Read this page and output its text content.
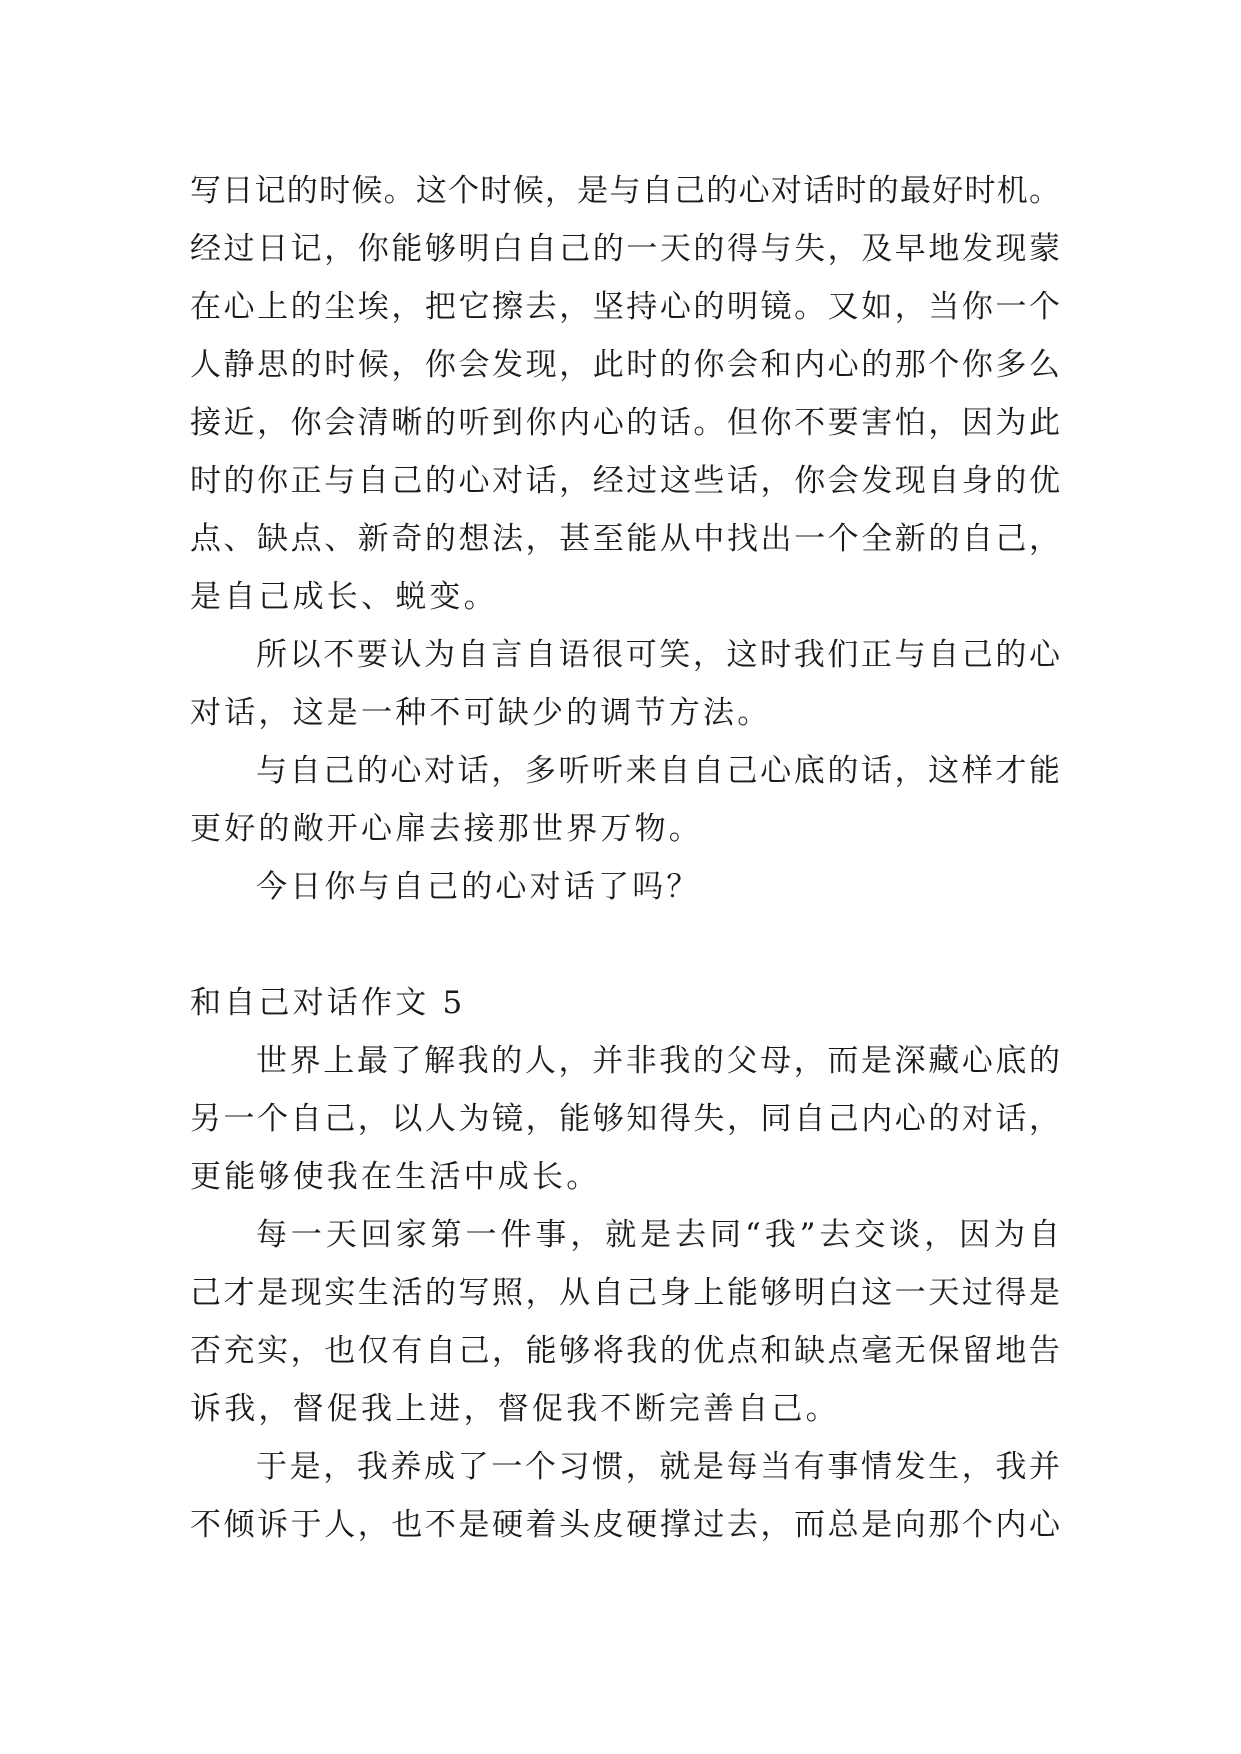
写日记的时候。这个时候，是与自己的心对话时的最好时机。
经过日记，你能够明白自己的一天的得与失，及早地发现蒙
在心上的尘埃，把它擦去，坚持心的明镜。又如，当你一个
人静思的时候，你会发现，此时的你会和内心的那个你多么
接近，你会清晰的听到你内心的话。但你不要害怕，因为此
时的你正与自己的心对话，经过这些话，你会发现自身的优
点、缺点、新奇的想法，甚至能从中找出一个全新的自己，
是自己成长、蜕变。
所以不要认为自言自语很可笑，这时我们正与自己的心
对话，这是一种不可缺少的调节方法。
与自己的心对话，多听听来自自己心底的话，这样才能
更好的敞开心扉去接那世界万物。
今日你与自己的心对话了吗？
和自己对话作文 5
世界上最了解我的人，并非我的父母，而是深藏心底的
另一个自己，以人为镜，能够知得失，同自己内心的对话，
更能够使我在生活中成长。
每一天回家第一件事，就是去同“我”去交谈，因为自
己才是现实生活的写照，从自己身上能够明白这一天过得是
否充实，也仅有自己，能够将我的优点和缺点毫无保留地告
诉我，督促我上进，督促我不断完善自己。
于是，我养成了一个习惯，就是每当有事情发生，我并
不倾诉于人，也不是硬着头皮硬撑过去，而总是向那个内心
